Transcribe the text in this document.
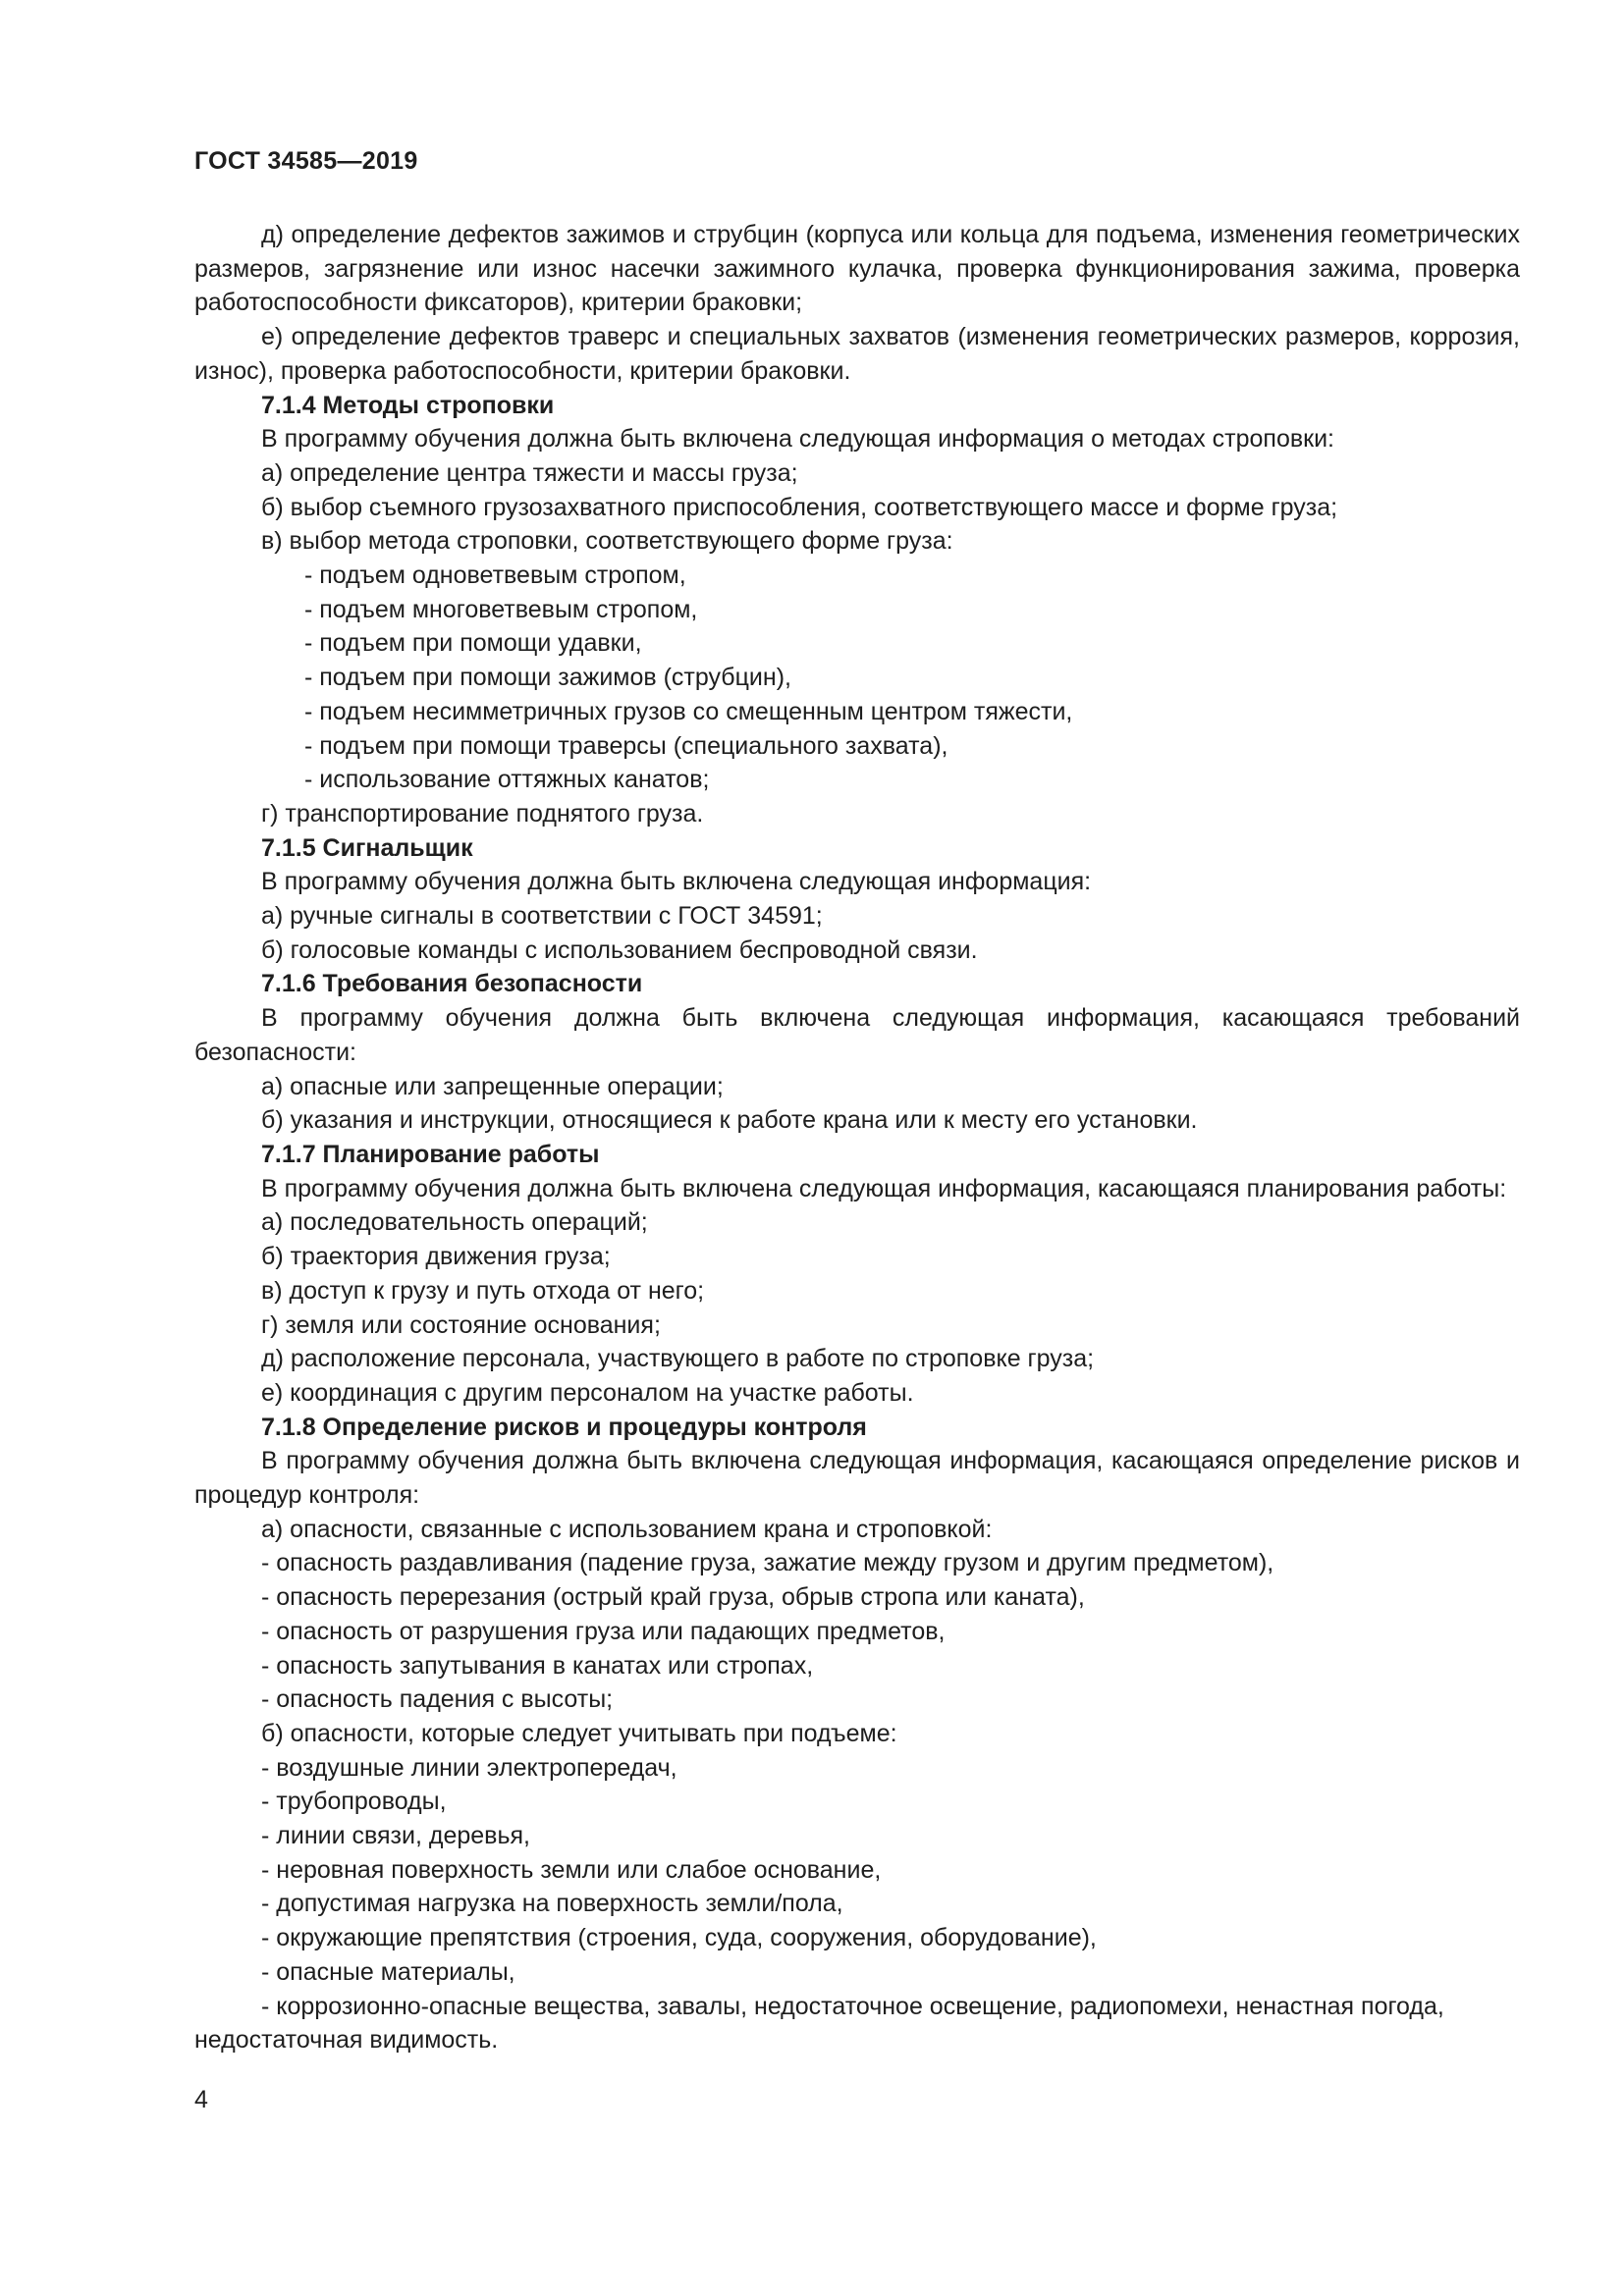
ГОСТ 34585—2019
д) определение дефектов зажимов и струбцин (корпуса или кольца для подъема, изменения геометрических размеров, загрязнение или износ насечки зажимного кулачка, проверка функционирования зажима, проверка работоспособности фиксаторов), критерии браковки;
е) определение дефектов траверс и специальных захватов (изменения геометрических размеров, коррозия, износ), проверка работоспособности, критерии браковки.
7.1.4 Методы строповки
В программу обучения должна быть включена следующая информация о методах строповки:
а) определение центра тяжести и массы груза;
б) выбор съемного грузозахватного приспособления, соответствующего массе и форме груза;
в) выбор метода строповки, соответствующего форме груза:
- подъем одноветвевым стропом,
- подъем многоветвевым стропом,
- подъем при помощи удавки,
- подъем при помощи зажимов (струбцин),
- подъем несимметричных грузов со смещенным центром тяжести,
- подъем при помощи траверсы (специального захвата),
- использование оттяжных канатов;
г) транспортирование поднятого груза.
7.1.5 Сигнальщик
В программу обучения должна быть включена следующая информация:
а) ручные сигналы в соответствии с ГОСТ 34591;
б) голосовые команды с использованием беспроводной связи.
7.1.6 Требования безопасности
В программу обучения должна быть включена следующая информация, касающаяся требований безопасности:
а) опасные или запрещенные операции;
б) указания и инструкции, относящиеся к работе крана или к месту его установки.
7.1.7 Планирование работы
В программу обучения должна быть включена следующая информация, касающаяся планирования работы:
а) последовательность операций;
б) траектория движения груза;
в) доступ к грузу и путь отхода от него;
г) земля или состояние основания;
д) расположение персонала, участвующего в работе по строповке груза;
е) координация с другим персоналом на участке работы.
7.1.8 Определение рисков и процедуры контроля
В программу обучения должна быть включена следующая информация, касающаяся определение рисков и процедур контроля:
а) опасности, связанные с использованием крана и строповкой:
- опасность раздавливания (падение груза, зажатие между грузом и другим предметом),
- опасность перерезания (острый край груза, обрыв стропа или каната),
- опасность от разрушения груза или падающих предметов,
- опасность запутывания в канатах или стропах,
- опасность падения с высоты;
б) опасности, которые следует учитывать при подъеме:
- воздушные линии электропередач,
- трубопроводы,
- линии связи, деревья,
- неровная поверхность земли или слабое основание,
- допустимая нагрузка на поверхность земли/пола,
- окружающие препятствия (строения, суда, сооружения, оборудование),
- опасные материалы,
- коррозионно-опасные вещества, завалы, недостаточное освещение, радиопомехи, ненастная погода, недостаточная видимость.
4
